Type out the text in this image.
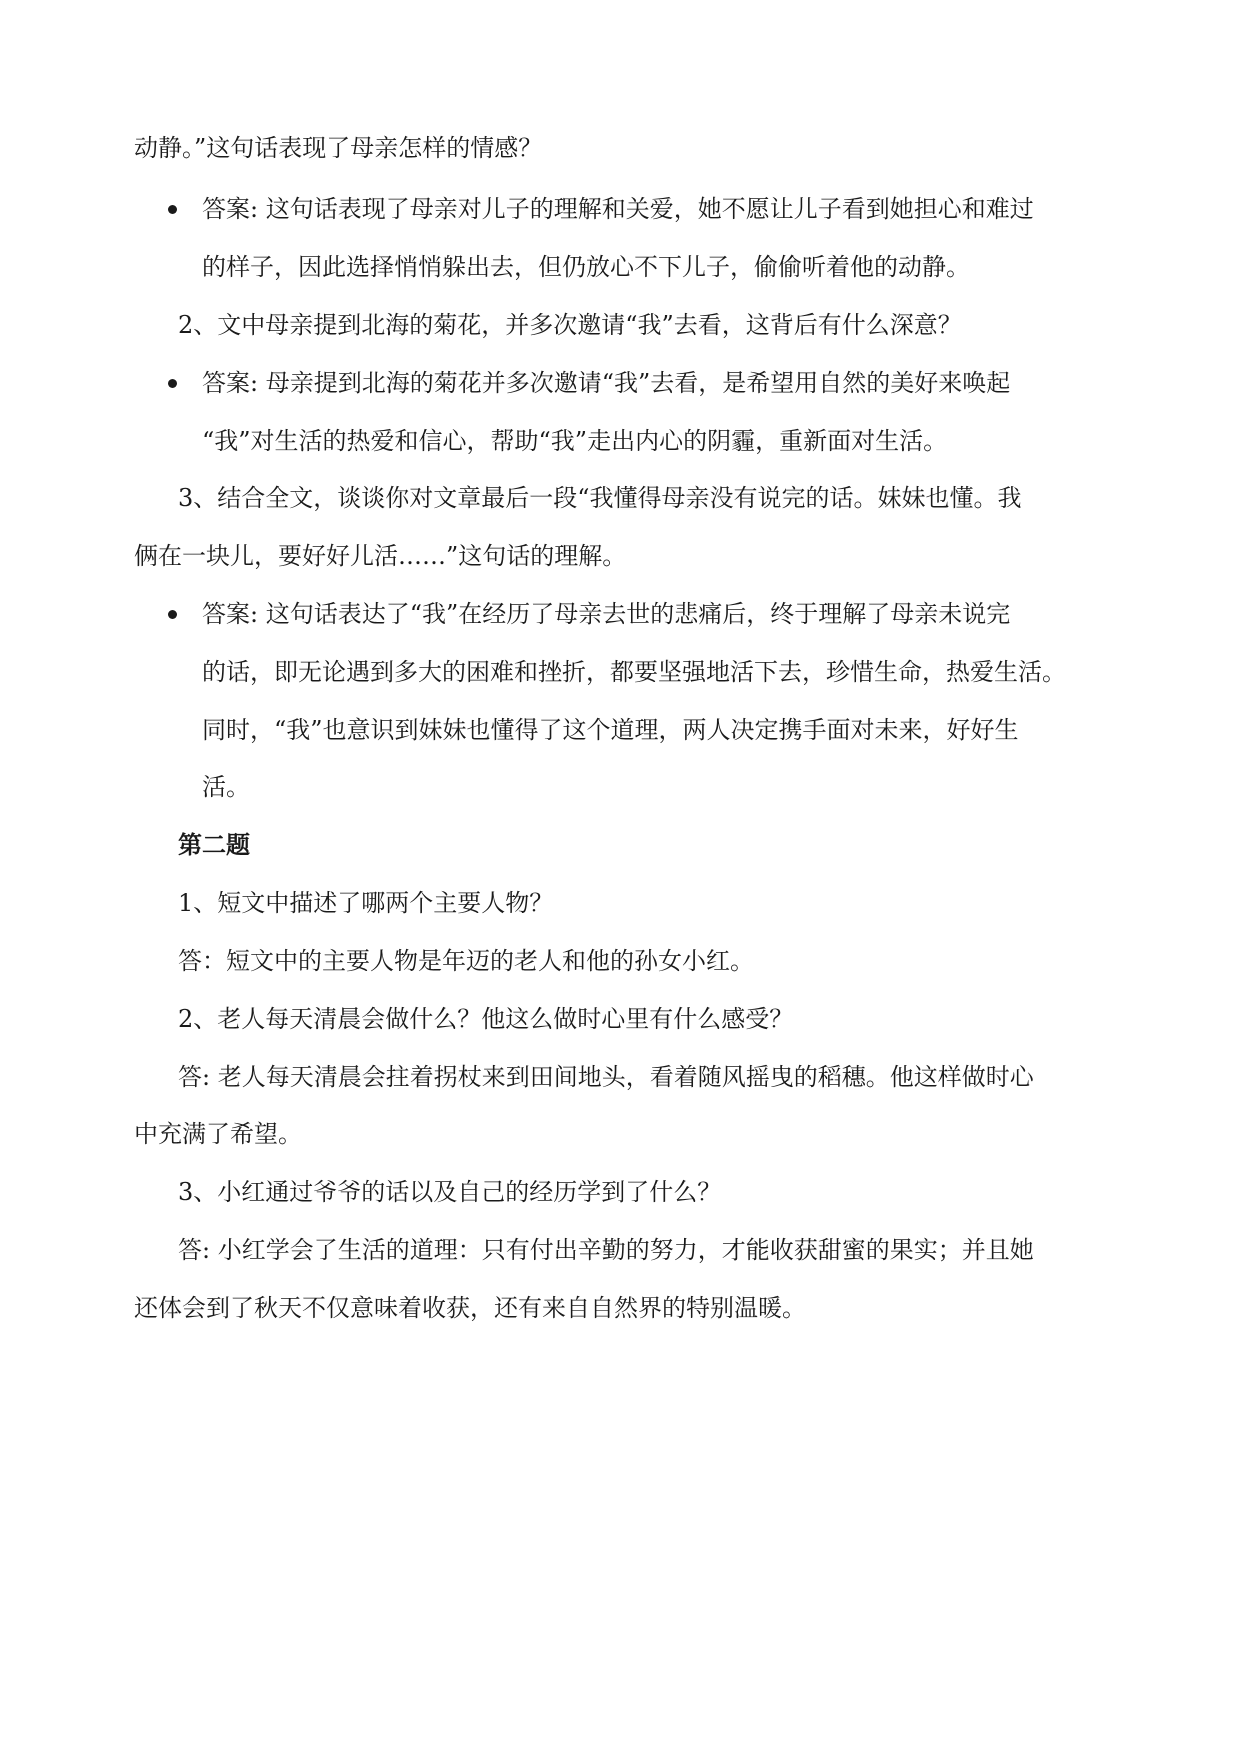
动静。”这句话表现了母亲怎样的情感？
答案: 这句话表现了母亲对儿子的理解和关爱，她不愿让儿子看到她担心和难过
的样子，因此选择悄悄躲出去，但仍放心不下儿子，偷偷听着他的动静。
2、文中母亲提到北海的菊花，并多次邀请“我”去看，这背后有什么深意？
答案: 母亲提到北海的菊花并多次邀请“我”去看，是希望用自然的美好来唤起
“我”对生活的热爱和信心，帮助“我”走出内心的阴霾，重新面对生活。
3、结合全文，谈谈你对文章最后一段“我懂得母亲没有说完的话。妹妹也懂。我
俩在一块儿，要好好儿活……”这句话的理解。
答案: 这句话表达了“我”在经历了母亲去世的悲痛后，终于理解了母亲未说完
的话，即无论遇到多大的困难和挫折，都要坚强地活下去，珍惜生命，热爱生活。
同时，“我”也意识到妹妹也懂得了这个道理，两人决定携手面对未来，好好生
活。
第二题
1、短文中描述了哪两个主要人物？
答：短文中的主要人物是年迈的老人和他的孙女小红。
2、老人每天清晨会做什么？他这么做时心里有什么感受？
答: 老人每天清晨会拄着拐杖来到田间地头，看着随风摇曳的稻穗。他这样做时心
中充满了希望。
3、小红通过爷爷的话以及自己的经历学到了什么？
答: 小红学会了生活的道理：只有付出辛勤的努力，才能收获甜蜜的果实；并且她
还体会到了秋天不仅意味着收获，还有来自自然界的特别温暖。
